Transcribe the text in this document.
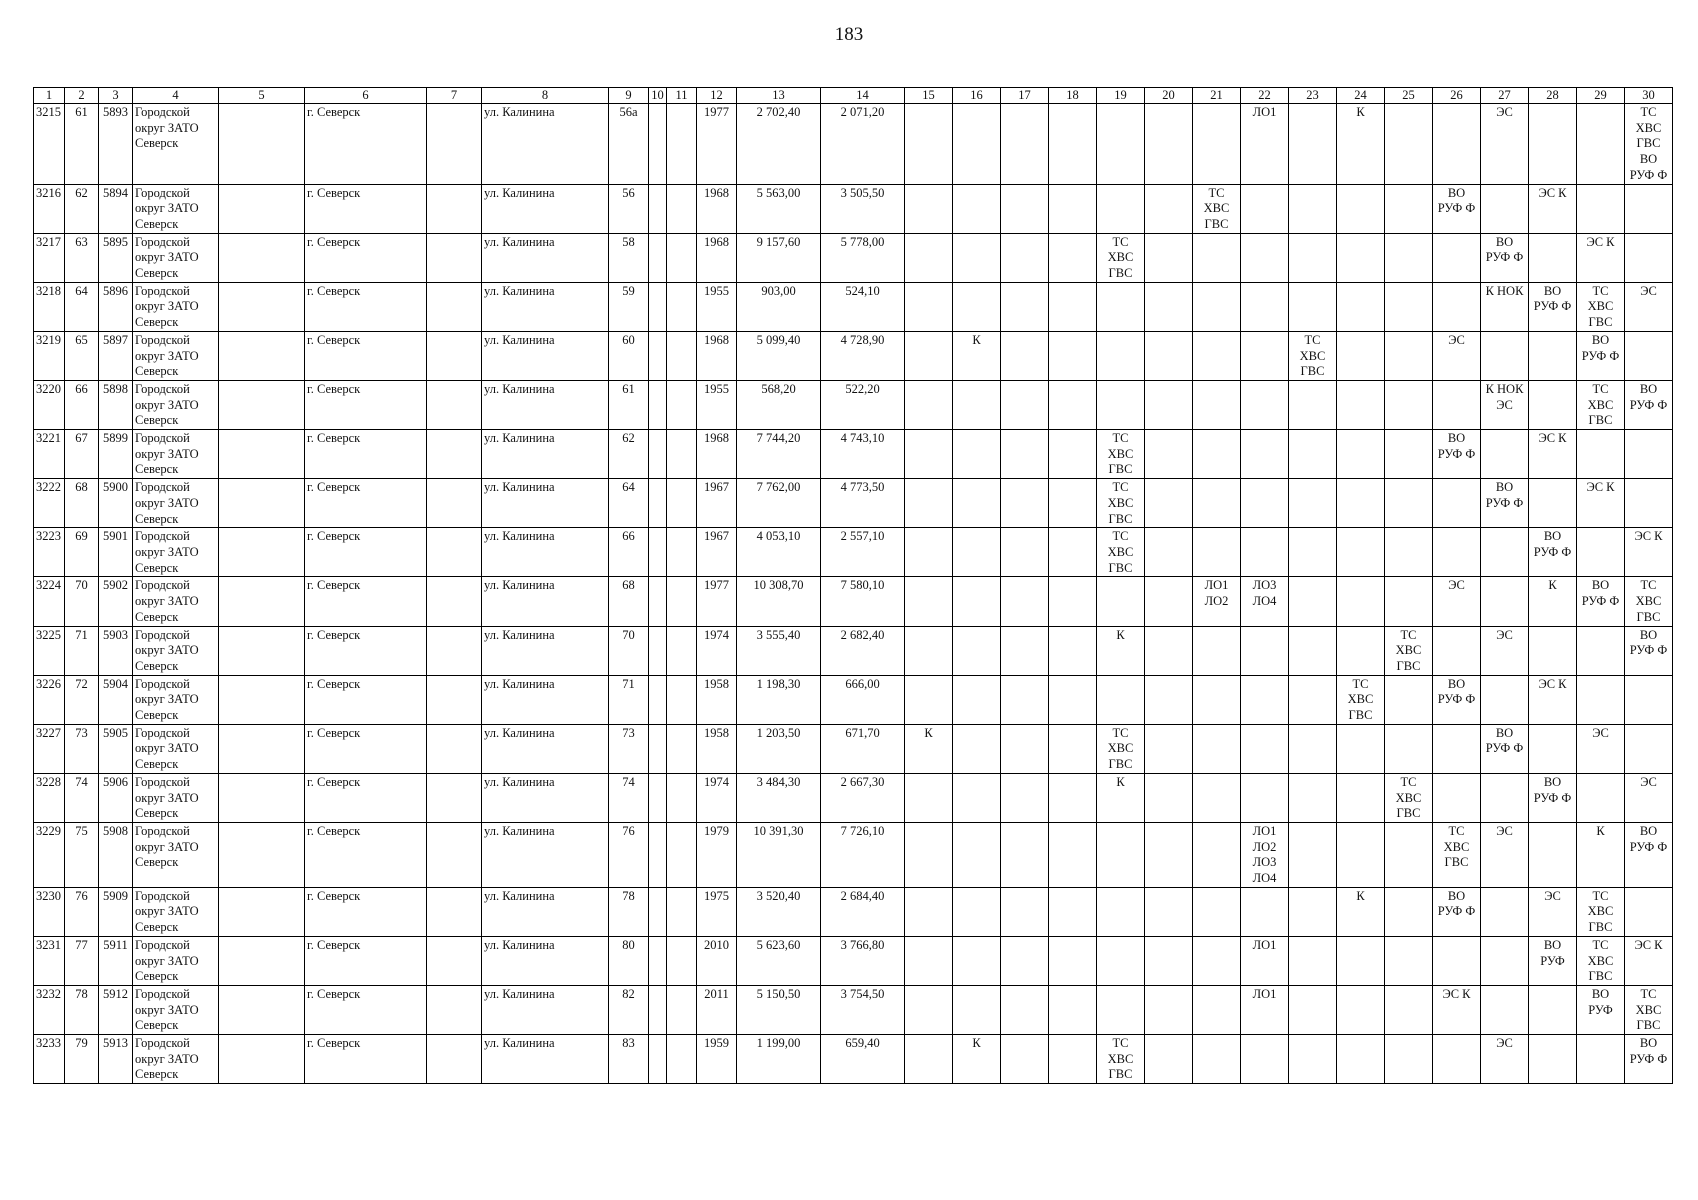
183
1	2	3	4	5	6	7	8	9	10	11	12	13	14	15	16	17	18	19	20	21	22	23	24	25	26	27	28	29	30
3215	61	5893	Городской
округ ЗАТО
Северск		г. Северск		ул. Калинина	56а			1977	2 702,40	2 071,20								ЛО1		К			ЭС			ТС
ХВС
ГВС
ВО
РУФ Ф
3216	62	5894	Городской
округ ЗАТО
Северск		г. Северск		ул. Калинина	56			1968	5 563,00	3 505,50							ТС
ХВС
ГВС					ВО
РУФ Ф		ЭС К		
3217	63	5895	Городской
округ ЗАТО
Северск		г. Северск		ул. Калинина	58			1968	9 157,60	5 778,00					ТС
ХВС
ГВС								ВО
РУФ Ф		ЭС К	
3218	64	5896	Городской
округ ЗАТО
Северск		г. Северск		ул. Калинина	59			1955	903,00	524,10													К НОК	ВО
РУФ Ф	ТС
ХВС
ГВС	ЭС
3219	65	5897	Городской
округ ЗАТО
Северск		г. Северск		ул. Калинина	60			1968	5 099,40	4 728,90		К							ТС
ХВС
ГВС			ЭС			ВО
РУФ Ф	
3220	66	5898	Городской
округ ЗАТО
Северск		г. Северск		ул. Калинина	61			1955	568,20	522,20													К НОК
ЭС		ТС
ХВС
ГВС	ВО
РУФ Ф
3221	67	5899	Городской
округ ЗАТО
Северск		г. Северск		ул. Калинина	62			1968	7 744,20	4 743,10					ТС
ХВС
ГВС							ВО
РУФ Ф		ЭС К		
3222	68	5900	Городской
округ ЗАТО
Северск		г. Северск		ул. Калинина	64			1967	7 762,00	4 773,50					ТС
ХВС
ГВС								ВО
РУФ Ф		ЭС К	
3223	69	5901	Городской
округ ЗАТО
Северск		г. Северск		ул. Калинина	66			1967	4 053,10	2 557,10					ТС
ХВС
ГВС									ВО
РУФ Ф		ЭС К
3224	70	5902	Городской
округ ЗАТО
Северск		г. Северск		ул. Калинина	68			1977	10 308,70	7 580,10							ЛО1
ЛО2	ЛО3
ЛО4				ЭС		К	ВО
РУФ Ф	ТС
ХВС
ГВС
3225	71	5903	Городской
округ ЗАТО
Северск		г. Северск		ул. Калинина	70			1974	3 555,40	2 682,40					К						ТС
ХВС
ГВС		ЭС			ВО
РУФ Ф
3226	72	5904	Городской
округ ЗАТО
Северск		г. Северск		ул. Калинина	71			1958	1 198,30	666,00										ТС
ХВС
ГВС		ВО
РУФ Ф		ЭС К		
3227	73	5905	Городской
округ ЗАТО
Северск		г. Северск		ул. Калинина	73			1958	1 203,50	671,70	К				ТС
ХВС
ГВС								ВО
РУФ Ф		ЭС	
3228	74	5906	Городской
округ ЗАТО
Северск		г. Северск		ул. Калинина	74			1974	3 484,30	2 667,30					К						ТС
ХВС
ГВС			ВО
РУФ Ф		ЭС
3229	75	5908	Городской
округ ЗАТО
Северск		г. Северск		ул. Калинина	76			1979	10 391,30	7 726,10								ЛО1
ЛО2
ЛО3
ЛО4				ТС
ХВС
ГВС	ЭС		К	ВО
РУФ Ф
3230	76	5909	Городской
округ ЗАТО
Северск		г. Северск		ул. Калинина	78			1975	3 520,40	2 684,40										К		ВО
РУФ Ф		ЭС	ТС
ХВС
ГВС	
3231	77	5911	Городской
округ ЗАТО
Северск		г. Северск		ул. Калинина	80			2010	5 623,60	3 766,80								ЛО1						ВО
РУФ	ТС
ХВС
ГВС	ЭС К
3232	78	5912	Городской
округ ЗАТО
Северск		г. Северск		ул. Калинина	82			2011	5 150,50	3 754,50								ЛО1				ЭС К			ВО
РУФ	ТС
ХВС
ГВС
3233	79	5913	Городской
округ ЗАТО
Северск		г. Северск		ул. Калинина	83			1959	1 199,00	659,40		К			ТС
ХВС
ГВС								ЭС			ВО
РУФ Ф
